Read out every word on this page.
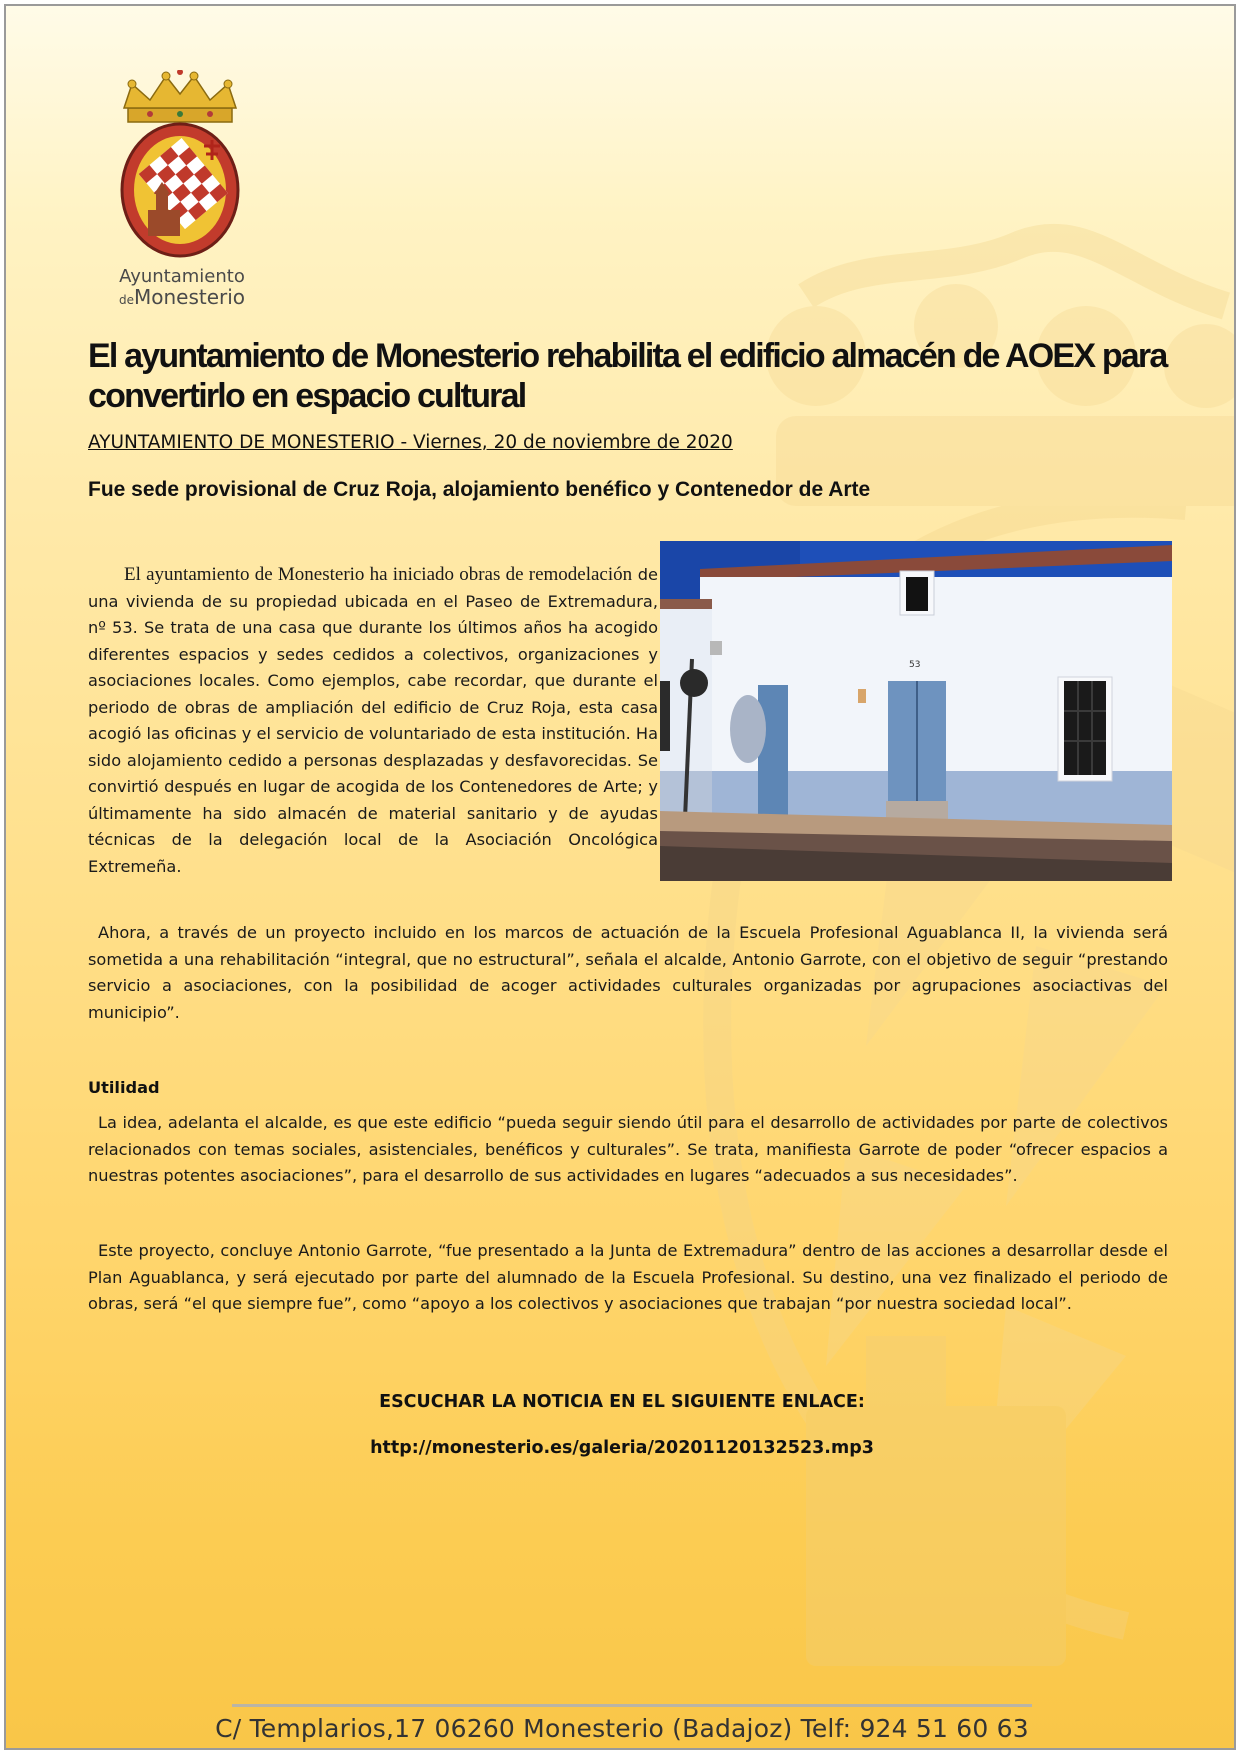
Ayuntamiento
deMonesterio
El ayuntamiento de Monesterio rehabilita el edificio almacén de AOEX para convertirlo en espacio cultural

AYUNTAMIENTO DE MONESTERIO - Viernes, 20 de noviembre de 2020

Fue sede provisional de Cruz Roja, alojamiento benéfico y Contenedor de Arte

El ayuntamiento de Monesterio ha iniciado obras de remodelación de una vivienda de su propiedad ubicada en el Paseo de Extremadura, nº 53. Se trata de una casa que durante los últimos años ha acogido diferentes espacios y sedes cedidos a colectivos, organizaciones y asociaciones locales. Como ejemplos, cabe recordar, que durante el periodo de obras de ampliación del edificio de Cruz Roja, esta casa acogió las oficinas y el servicio de voluntariado de esta institución. Ha sido alojamiento cedido a personas desplazadas y desfavorecidas. Se convirtió después en lugar de acogida de los Contenedores de Arte; y últimamente ha sido almacén de material sanitario y de ayudas técnicas de la delegación local de la Asociación Oncológica Extremeña.

53

Ahora, a través de un proyecto incluido en los marcos de actuación de la Escuela Profesional Aguablanca II, la vivienda será sometida a una rehabilitación “integral, que no estructural”, señala el alcalde, Antonio Garrote, con el objetivo de seguir “prestando servicio a asociaciones, con la posibilidad de acoger actividades culturales organizadas por agrupaciones asociactivas del municipio”.

Utilidad

La idea, adelanta el alcalde, es que este edificio “pueda seguir siendo útil para el desarrollo de actividades por parte de colectivos relacionados con temas sociales, asistenciales, benéficos y culturales”. Se trata, manifiesta Garrote de poder “ofrecer espacios a nuestras potentes asociaciones”, para el desarrollo de sus actividades en lugares “adecuados a sus necesidades”.

Este proyecto, concluye Antonio Garrote, “fue presentado a la Junta de Extremadura” dentro de las acciones a desarrollar desde el Plan Aguablanca, y será ejecutado por parte del alumnado de la Escuela Profesional. Su destino, una vez finalizado el periodo de obras, será “el que siempre fue”, como “apoyo a los colectivos y asociaciones que trabajan “por nuestra sociedad local”.

ESCUCHAR LA NOTICIA EN EL SIGUIENTE ENLACE:

http://monesterio.es/galeria/20201120132523.mp3

C/ Templarios,17 06260 Monesterio (Badajoz) Telf: 924 51 60 63
